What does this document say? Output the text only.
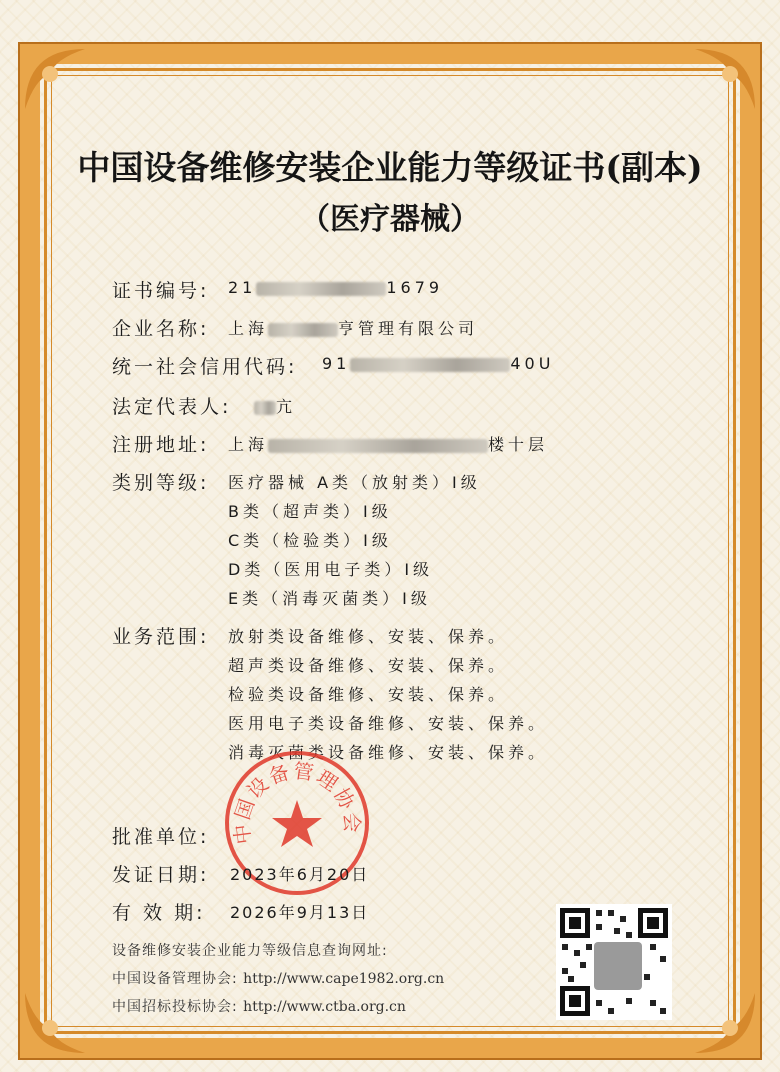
中国设备维修安装企业能力等级证书(副本)
（医疗器械）
证书编号: 21	1679
企业名称: 上海	亨管理有限公司
统一社会信用代码: 91	40U
法定代表人:	亢
注册地址: 上海	楼十层
类别等级: 医疗器械 A类（放射类）I级
B类（超声类）I级
C类（检验类）I级
D类（医用电子类）I级
E类（消毒灭菌类）I级
业务范围: 放射类设备维修、安装、保养。
超声类设备维修、安装、保养。
检验类设备维修、安装、保养。
医用电子类设备维修、安装、保养。
消毒灭菌类设备维修、安装、保养。
批准单位: 中国设备管理协会
发证日期: 2023年6月20日
有 效 期: 2026年9月13日
设备维修安装企业能力等级信息查询网址:
中国设备管理协会: http://www.cape1982.org.cn
中国招标投标协会: http://www.ctba.org.cn
